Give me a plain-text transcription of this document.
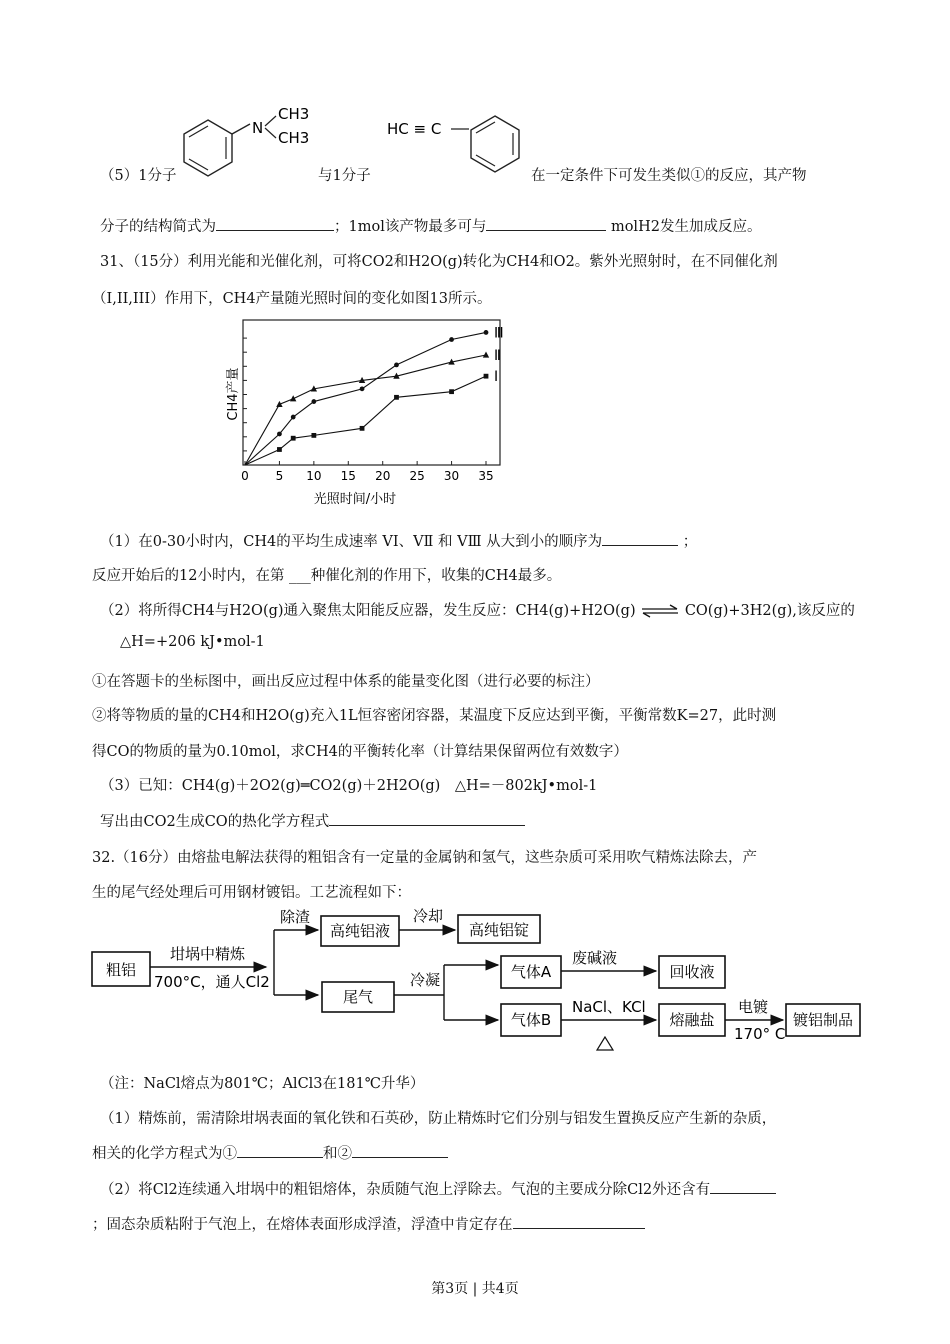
N
CH3
CH3	HC ≡ C
（5）1分子	与1分子	在一定条件下可发生类似①的反应，其产物
分子的结构简式为	；1mol该产物最多可与	molH2发生加成反应。
31、（15分）利用光能和光催化剂，可将CO2和H2O(g)转化为CH4和O2。紫外光照射时，在不同催化剂
（I,II,III）作用下，CH4产量随光照时间的变化如图13所示。
0 5 10 15 20 25 30 35
Ⅲ
Ⅱ
Ⅰ
CH4产量
光照时间/小时
（1）在0-30小时内，CH4的平均生成速率 VⅠ、VⅡ 和 VⅢ 从大到小的顺序为	；
反应开始后的12小时内，在第 ___种催化剂的作用下，收集的CH4最多。
（2）将所得CH4与H2O(g)通入聚焦太阳能反应器，发生反应：CH4(g)+H2O(g) ⇌ CO(g)+3H2(g),该反应的
△H=+206 kJ•mol-1
①在答题卡的坐标图中，画出反应过程中体系的能量变化图（进行必要的标注）
②将等物质的量的CH4和H2O(g)充入1L恒容密闭容器，某温度下反应达到平衡，平衡常数K=27，此时测
得CO的物质的量为0.10mol，求CH4的平衡转化率（计算结果保留两位有效数字）
（3）已知：CH4(g)＋2O2(g)═CO2(g)＋2H2O(g)　△H=－802kJ•mol-1
写出由CO2生成CO的热化学方程式
32.（16分）由熔盐电解法获得的粗铝含有一定量的金属钠和氢气，这些杂质可采用吹气精炼法除去，产
生的尾气经处理后可用钢材镀铝。工艺流程如下：
粗铝
坩埚中精炼
700°C，通人Cl2
除渣
高纯铝液
冷却
高纯铝锭
尾气
冷凝	气体A
废碱液
回收液
气体B
NaCl、KCl
熔融盐
电镀
170° C
镀铝制品
（注：NaCl熔点为801℃；AlCl3在181℃升华）
（1）精炼前，需清除坩埚表面的氧化铁和石英砂，防止精炼时它们分别与铝发生置换反应产生新的杂质，
相关的化学方程式为①	和②
（2）将Cl2连续通入坩埚中的粗铝熔体，杂质随气泡上浮除去。气泡的主要成分除Cl2外还含有
；固态杂质粘附于气泡上，在熔体表面形成浮渣，浮渣中肯定存在
第3页 | 共4页
